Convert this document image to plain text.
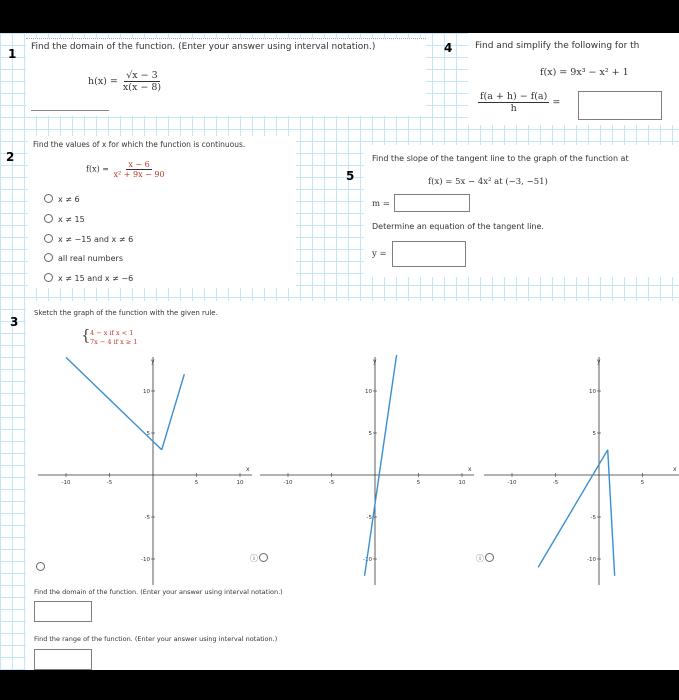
1 Find the domain of the function. (Enter your answer using interval notation.)
$h(x) = \frac{√x - 3}{x(x - 8)}$
4	Find and simplify the following for th
f(x) = 9x³ − x² + 1
$\frac{f(a + h) - f(a)}{h}$ =
2
Find the values of x for which the function is continuous.
$f(x) = \frac{x - 6}{\text{x² + 9x − 90}}$
x ≠ 6
x ≠ 15
x ≠ −15 and x ≠ 6
all real numbers
x ≠ 15 and x ≠ −6
5
Find the slope of the tangent line to the graph of the function at
f(x) = 5x − 4x² at (−3, −51)
m =
Determine an equation of the tangent line.
y =
3
Sketch the graph of the function with the given rule.
{ 4 − x if x < 1
7x − 4 if x ≥ 1
x
y
-10	-5	5	10
10
5
-5
-10
x
y
-10	-5	5	10
10
5
-5
-10
x
y
-10	-5	5
10
5
-5
-10
ⓘ	ⓘ
Find the domain of the function. (Enter your answer using interval notation.)
Find the range of the function. (Enter your answer using interval notation.)
